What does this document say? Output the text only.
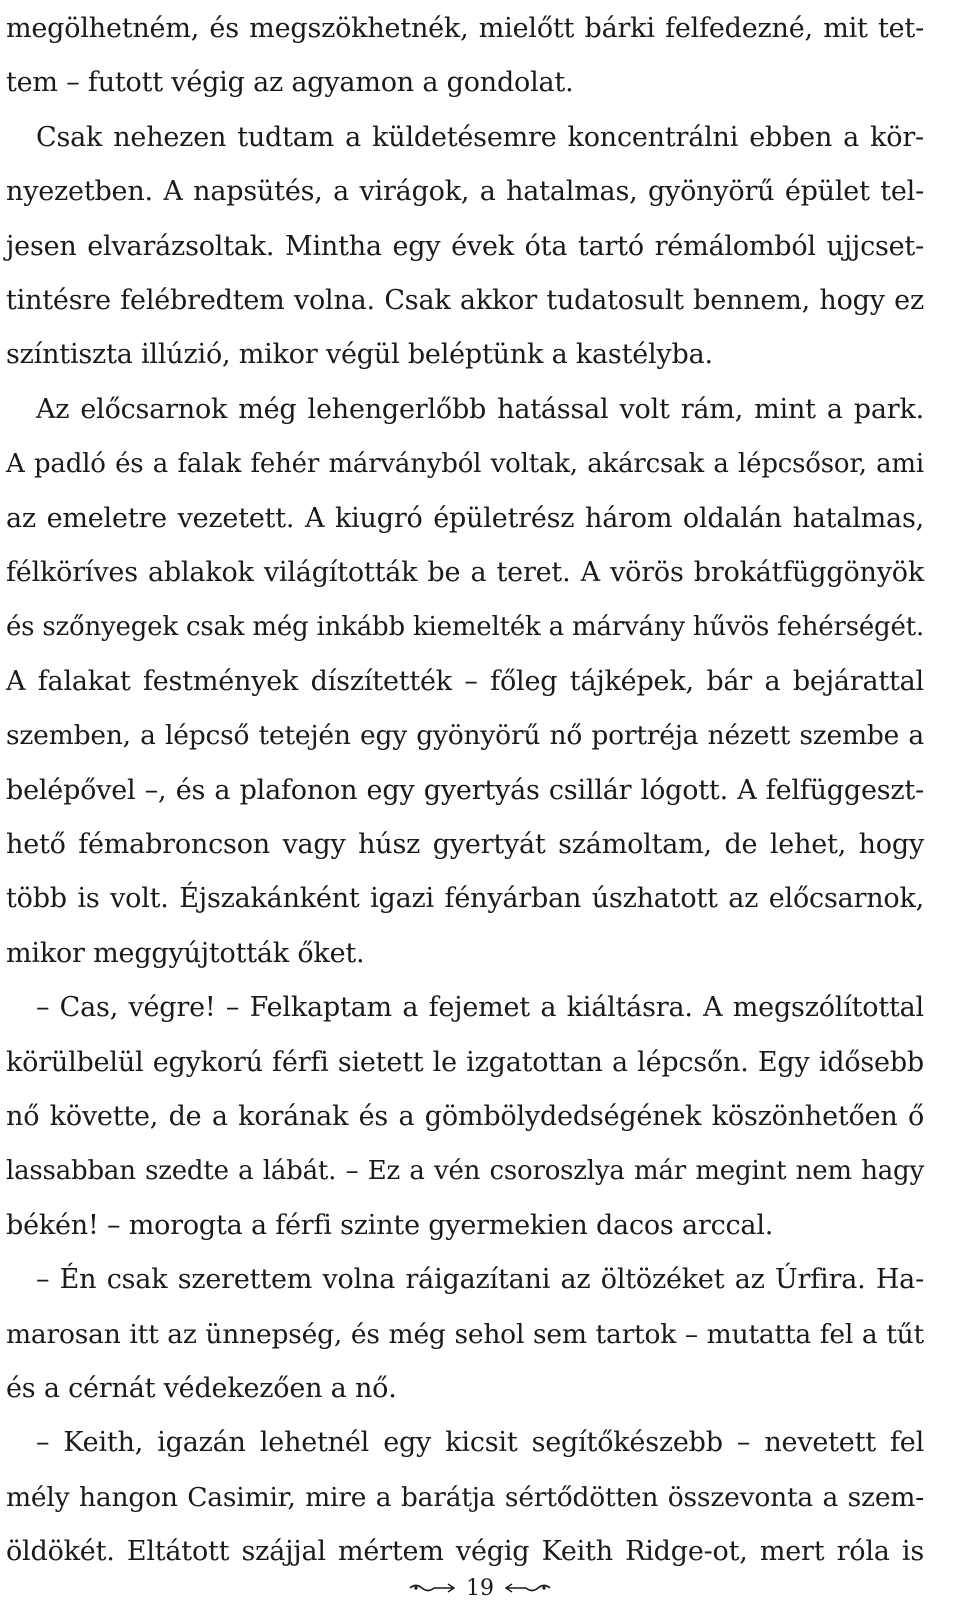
megölhetném, és megszökhetnék, mielőtt bárki felfedezné, mit tet-
tem – futott végig az agyamon a gondolat.
Csak nehezen tudtam a küldetésemre koncentrálni ebben a kör-
nyezetben. A napsütés, a virágok, a hatalmas, gyönyörű épület tel-
jesen elvarázsoltak. Mintha egy évek óta tartó rémálomból ujjcset-
tintésre felébredtem volna. Csak akkor tudatosult bennem, hogy ez
színtiszta illúzió, mikor végül beléptünk a kastélyba.
Az előcsarnok még lehengerlőbb hatással volt rám, mint a park.
A padló és a falak fehér márványból voltak, akárcsak a lépcsősor, ami
az emeletre vezetett. A kiugró épületrész három oldalán hatalmas,
félköríves ablakok világították be a teret. A vörös brokátfüggönyök
és szőnyegek csak még inkább kiemelték a márvány hűvös fehérségét.
A falakat festmények díszítették – főleg tájképek, bár a bejárattal
szemben, a lépcső tetején egy gyönyörű nő portréja nézett szembe a
belépővel –, és a plafonon egy gyertyás csillár lógott. A felfüggeszt-
hető fémabroncson vagy húsz gyertyát számoltam, de lehet, hogy
több is volt. Éjszakánként igazi fényárban úszhatott az előcsarnok,
mikor meggyújtották őket.
– Cas, végre! – Felkaptam a fejemet a kiáltásra. A megszólítottal
körülbelül egykorú férfi sietett le izgatottan a lépcsőn. Egy idősebb
nő követte, de a korának és a gömbölydedségének köszönhetően ő
lassabban szedte a lábát. – Ez a vén csoroszlya már megint nem hagy
békén! – morogta a férfi szinte gyermekien dacos arccal.
– Én csak szerettem volna ráigazítani az öltözéket az Úrfira. Ha-
marosan itt az ünnepség, és még sehol sem tartok – mutatta fel a tűt
és a cérnát védekezően a nő.
– Keith, igazán lehetnél egy kicsit segítőkészebb – nevetett fel
mély hangon Casimir, mire a barátja sértődötten összevonta a szem-
öldökét. Eltátott szájjal mértem végig Keith Ridge-ot, mert róla is
19
